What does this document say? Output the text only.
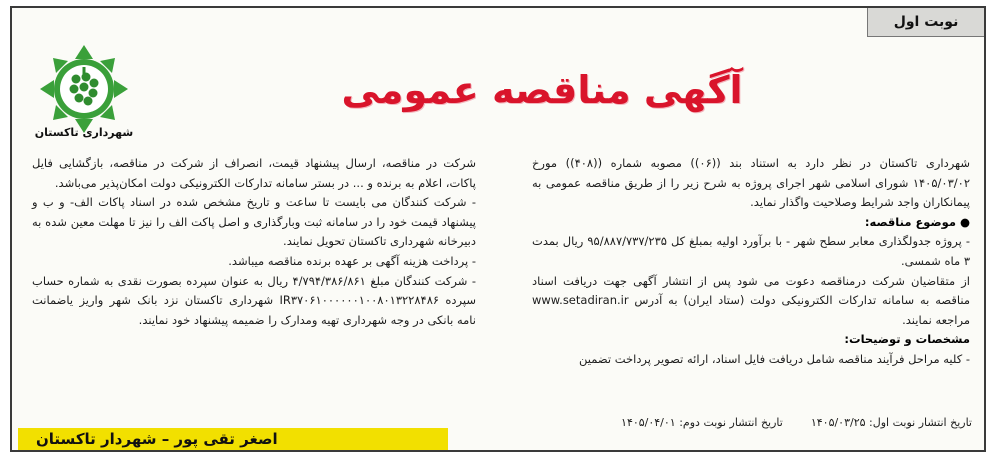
نوبت اول
شهرداری تاکستان
آگهی مناقصه عمومی

شهرداری تاکستان در نظر دارد به استناد بند ((۰۶)) مصوبه شماره ((۴۰۸)) مورخ ۱۴۰۵/۰۳/۰۲ شورای اسلامی شهر اجرای پروژه به شرح زیر را از طریق مناقصه عمومی به پیمانکاران واجد شرایط وصلاحیت واگذار نماید.

● موضوع مناقصه:

- پروژه جدولگذاری معابر سطح شهر - با برآورد اولیه بمبلغ کل ۹۵/۸۸۷/۷۳۷/۲۳۵ ریال بمدت ۳ ماه شمسی.

از متقاضیان شرکت درمناقصه دعوت می شود پس از انتشار آگهی جهت دریافت اسناد مناقصه به سامانه تدارکات الکترونیکی دولت (ستاد ایران) به آدرس www.setadiran.ir مراجعه نمایند.

مشخصات و توضیحات:

- کلیه مراحل فرآیند مناقصه شامل دریافت فایل اسناد، ارائه تصویر پرداخت تضمین

شرکت در مناقصه، ارسال پیشنهاد قیمت، انصراف از شرکت در مناقصه، بازگشایی فایل پاکات، اعلام به برنده و ... در بستر سامانه تدارکات الکترونیکی دولت امکان‌پذیر می‌باشد.

- شرکت کنندگان می بایست تا ساعت و تاریخ مشخص شده در اسناد پاکات الف- و ب و پیشنهاد قیمت خود را در سامانه ثبت وبارگذاری و اصل پاکت الف را نیز تا مهلت معین شده به دبیرخانه شهرداری تاکستان تحویل نمایند.

- پرداخت هزینه آگهی بر عهده برنده مناقصه میباشد.

- شرکت کنندگان مبلغ ۴/۷۹۴/۳۸۶/۸۶۱ ریال به عنوان سپرده بصورت نقدی به شماره حساب سپرده IR۳۷۰۶۱۰۰۰۰۰۰۱۰۰۸۰۱۳۲۲۸۴۸۶ شهرداری تاکستان نزد بانک شهر واریز یاضمانت نامه بانکی در وجه شهرداری تهیه ومدارک را ضمیمه پیشنهاد خود نمایند.

تاریخ انتشار نوبت اول: ۱۴۰۵/۰۳/۲۵
تاریخ انتشار نوبت دوم: ۱۴۰۵/۰۴/۰۱
اصغر تقی پور – شهردار تاکستان
